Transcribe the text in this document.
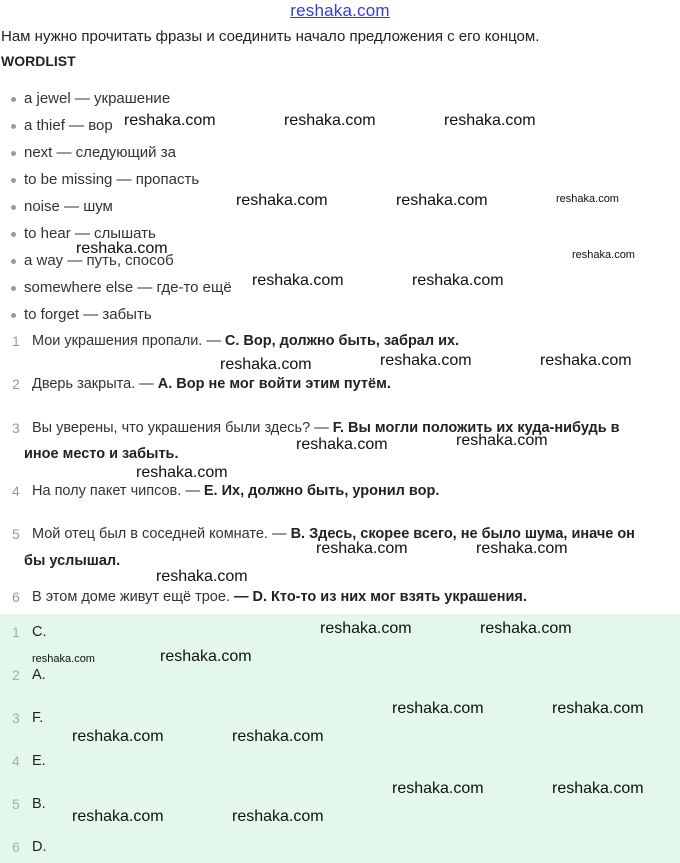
reshaka.com
Нам нужно прочитать фразы и соединить начало предложения с его концом.
WORDLIST
a jewel — украшение
a thief — вор
next — следующий за
to be missing — пропасть
noise — шум
to hear — слышать
a way — путь, способ
somewhere else — где-то ещё
to forget — забыть
1 Мои украшения пропали. — C. Вор, должно быть, забрал их.
2 Дверь закрыта. — A. Вор не мог войти этим путём.
3 Вы уверены, что украшения были здесь? — F. Вы могли положить их куда-нибудь в
иное место и забыть.
4 На полу пакет чипсов. — E. Их, должно быть, уронил вор.
5 Мой отец был в соседней комнате. — B. Здесь, скорее всего, не было шума, иначе он
бы услышал.
6 В этом доме живут ещё трое. — D. Кто-то из них мог взять украшения.
1 C.
2 A.
3 F.
4 E.
5 B.
6 D.
reshaka.com	reshaka.com	reshaka.com
reshaka.com	reshaka.com	reshaka.com
reshaka.com	reshaka.com
reshaka.com	reshaka.com
reshaka.com	reshaka.com
reshaka.com
reshaka.com
reshaka.com
reshaka.com
reshaka.com	reshaka.com
reshaka.com
reshaka.com	reshaka.com
reshaka.com
reshaka.com
reshaka.com	reshaka.com
reshaka.com	reshaka.com
reshaka.com	reshaka.com
reshaka.com	reshaka.com
